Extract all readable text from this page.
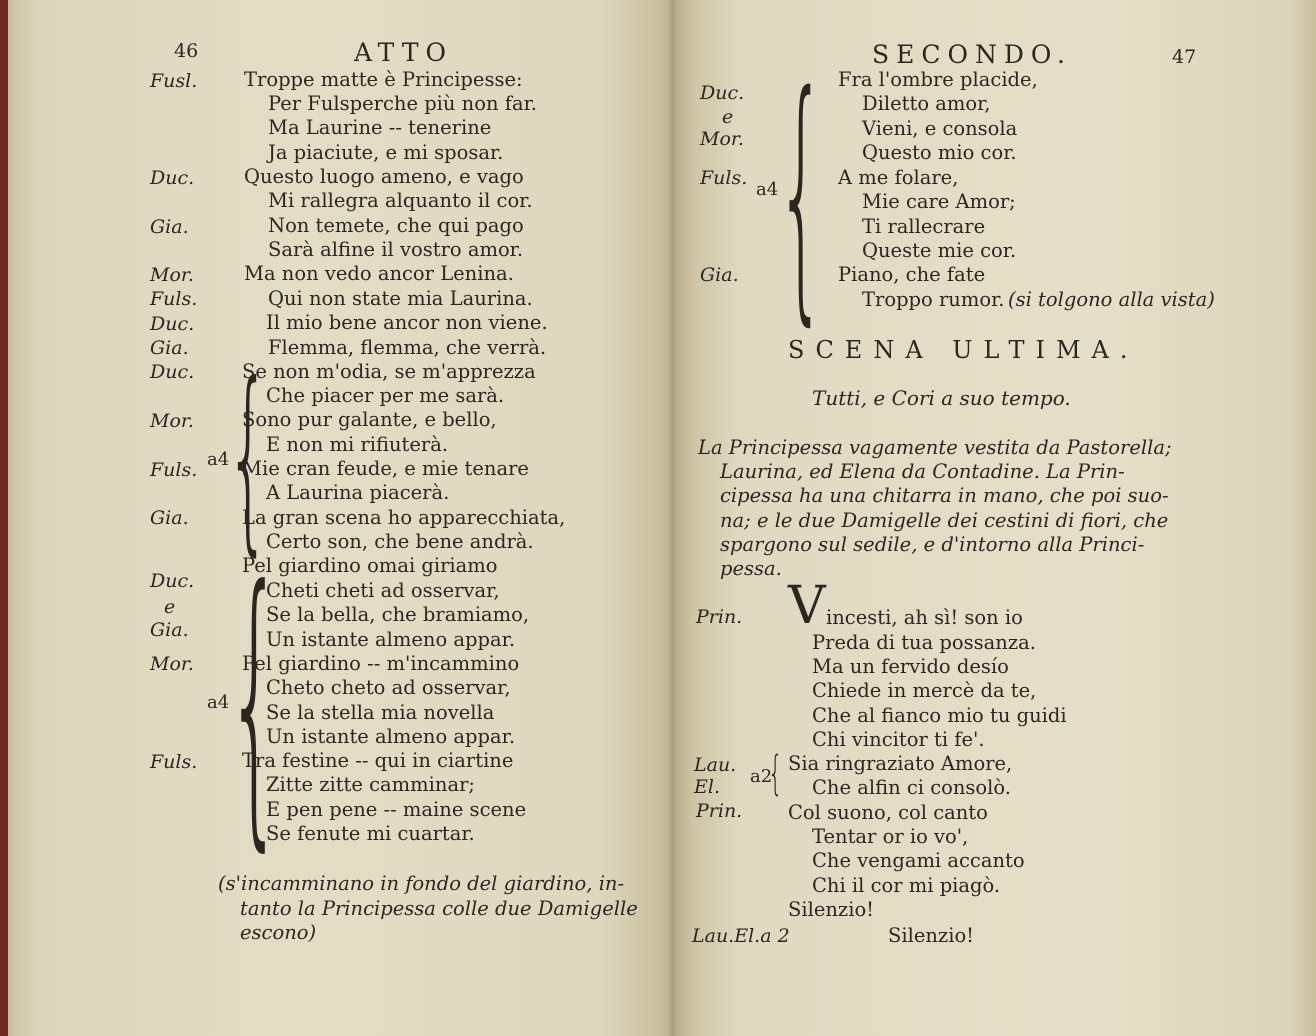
46	ATTO
Fusl.
Duc.
Gia.
Mor.
Fuls.
Duc.
Gia.
Duc.
Mor.
Fuls.
Gia.
Duc.
e
Gia.
Mor.
Fuls.
a4
a4
Troppe matte è Principesse:
Per Fulsperche più non far.
Ma Laurine -- tenerine
Ja piaciute, e mi sposar.
Questo luogo ameno, e vago
Mi rallegra alquanto il cor.
Non temete, che qui pago
Sarà alfine il vostro amor.
Ma non vedo ancor Lenina.
Qui non state mia Laurina.
Il mio bene ancor non viene.
Flemma, flemma, che verrà.
Se non m'odia, se m'apprezza
Che piacer per me sarà.
Sono pur galante, e bello,
E non mi rifiuterà.
Mie cran feude, e mie tenare
A Laurina piacerà.
La gran scena ho apparecchiata,
Certo son, che bene andrà.
Pel giardino omai giriamo
Cheti cheti ad osservar,
Se la bella, che bramiamo,
Un istante almeno appar.
Pel giardino -- m'incammino
Cheto cheto ad osservar,
Se la stella mia novella
Un istante almeno appar.
Tra festine -- qui in ciartine
Zitte zitte camminar;
E pen pene -- maine scene
Se fenute mi cuartar.
(s'incamminano in fondo del giardino, in-
tanto la Principessa colle due Damigelle
escono)
{
{
SECONDO.	47
Duc.
e
Mor.
Fuls.
Gia.
a4
Fra l'ombre placide,
Diletto amor,
Vieni, e consola
Questo mio cor.
A me folare,
Mie care Amor;
Ti rallecrare
Queste mie cor.
Piano, che fate
Troppo rumor. (si tolgono alla vista)
{
SCENA ULTIMA.
Tutti, e Cori a suo tempo.
La Principessa vagamente vestita da Pastorella;
Laurina, ed Elena da Contadine. La Prin-
cipessa ha una chitarra in mano, che poi suo-
na; e le due Damigelle dei cestini di fiori, che
spargono sul sedile, e d'intorno alla Princi-
pessa.
V
Prin.
Lau.
El.
Prin.
Lau.El.a 2
a2
{
incesti, ah sì! son io
Preda di tua possanza.
Ma un fervido desío
Chiede in mercè da te,
Che al fianco mio tu guidi
Chi vincitor ti fe'.
Sia ringraziato Amore,
Che alfin ci consolò.
Col suono, col canto
Tentar or io vo',
Che vengami accanto
Chi il cor mi piagò.
Silenzio!
Silenzio!
